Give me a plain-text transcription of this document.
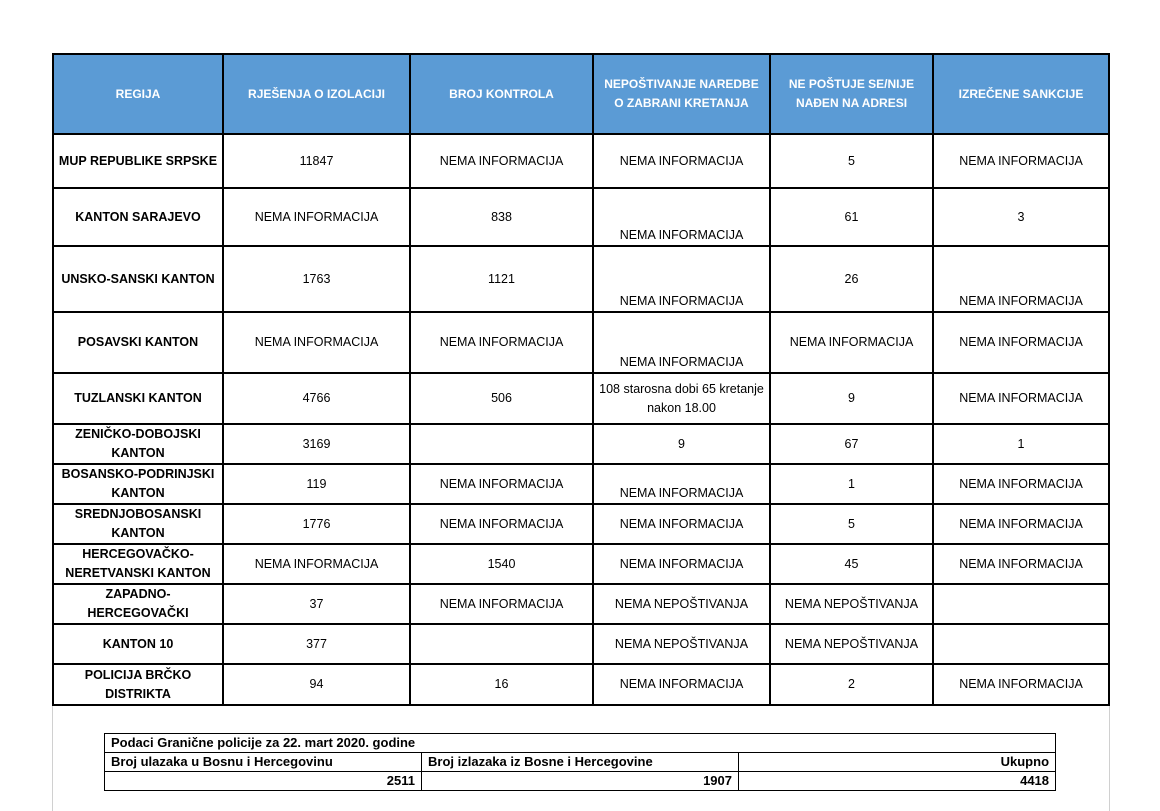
REGIJA	RJEŠENJA O IZOLACIJI	BROJ KONTROLA	NEPOŠTIVANJE NAREDBE O ZABRANI KRETANJA	NE POŠTUJE SE/NIJE NAĐEN NA ADRESI	IZREČENE SANKCIJE
MUP REPUBLIKE SRPSKE	11847	NEMA INFORMACIJA	NEMA INFORMACIJA	5	NEMA INFORMACIJA
KANTON SARAJEVO	NEMA INFORMACIJA	838	NEMA INFORMACIJA	61	3
UNSKO-SANSKI KANTON	1763	1121	NEMA INFORMACIJA	26	NEMA INFORMACIJA
POSAVSKI KANTON	NEMA INFORMACIJA	NEMA INFORMACIJA	NEMA INFORMACIJA	NEMA INFORMACIJA	NEMA INFORMACIJA
TUZLANSKI KANTON	4766	506	108 starosna dobi 65 kretanje nakon 18.00	9	NEMA INFORMACIJA
ZENIČKO-DOBOJSKI KANTON	3169		9	67	1
BOSANSKO-PODRINJSKI KANTON	119	NEMA INFORMACIJA	NEMA INFORMACIJA	1	NEMA INFORMACIJA
SREDNJOBOSANSKI KANTON	1776	NEMA INFORMACIJA	NEMA INFORMACIJA	5	NEMA INFORMACIJA
HERCEGOVAČKO-NERETVANSKI KANTON	NEMA INFORMACIJA	1540	NEMA INFORMACIJA	45	NEMA INFORMACIJA
ZAPADNO-HERCEGOVAČKI	37	NEMA INFORMACIJA	NEMA NEPOŠTIVANJA	NEMA NEPOŠTIVANJA	
KANTON 10	377		NEMA NEPOŠTIVANJA	NEMA NEPOŠTIVANJA	
POLICIJA BRČKO DISTRIKTA	94	16	NEMA INFORMACIJA	2	NEMA INFORMACIJA
Podaci Granične policije za 22. mart 2020. godine		
Broj ulazaka u Bosnu i Hercegovinu	Broj izlazaka iz Bosne i Hercegovine	Ukupno
2511	1907	4418
